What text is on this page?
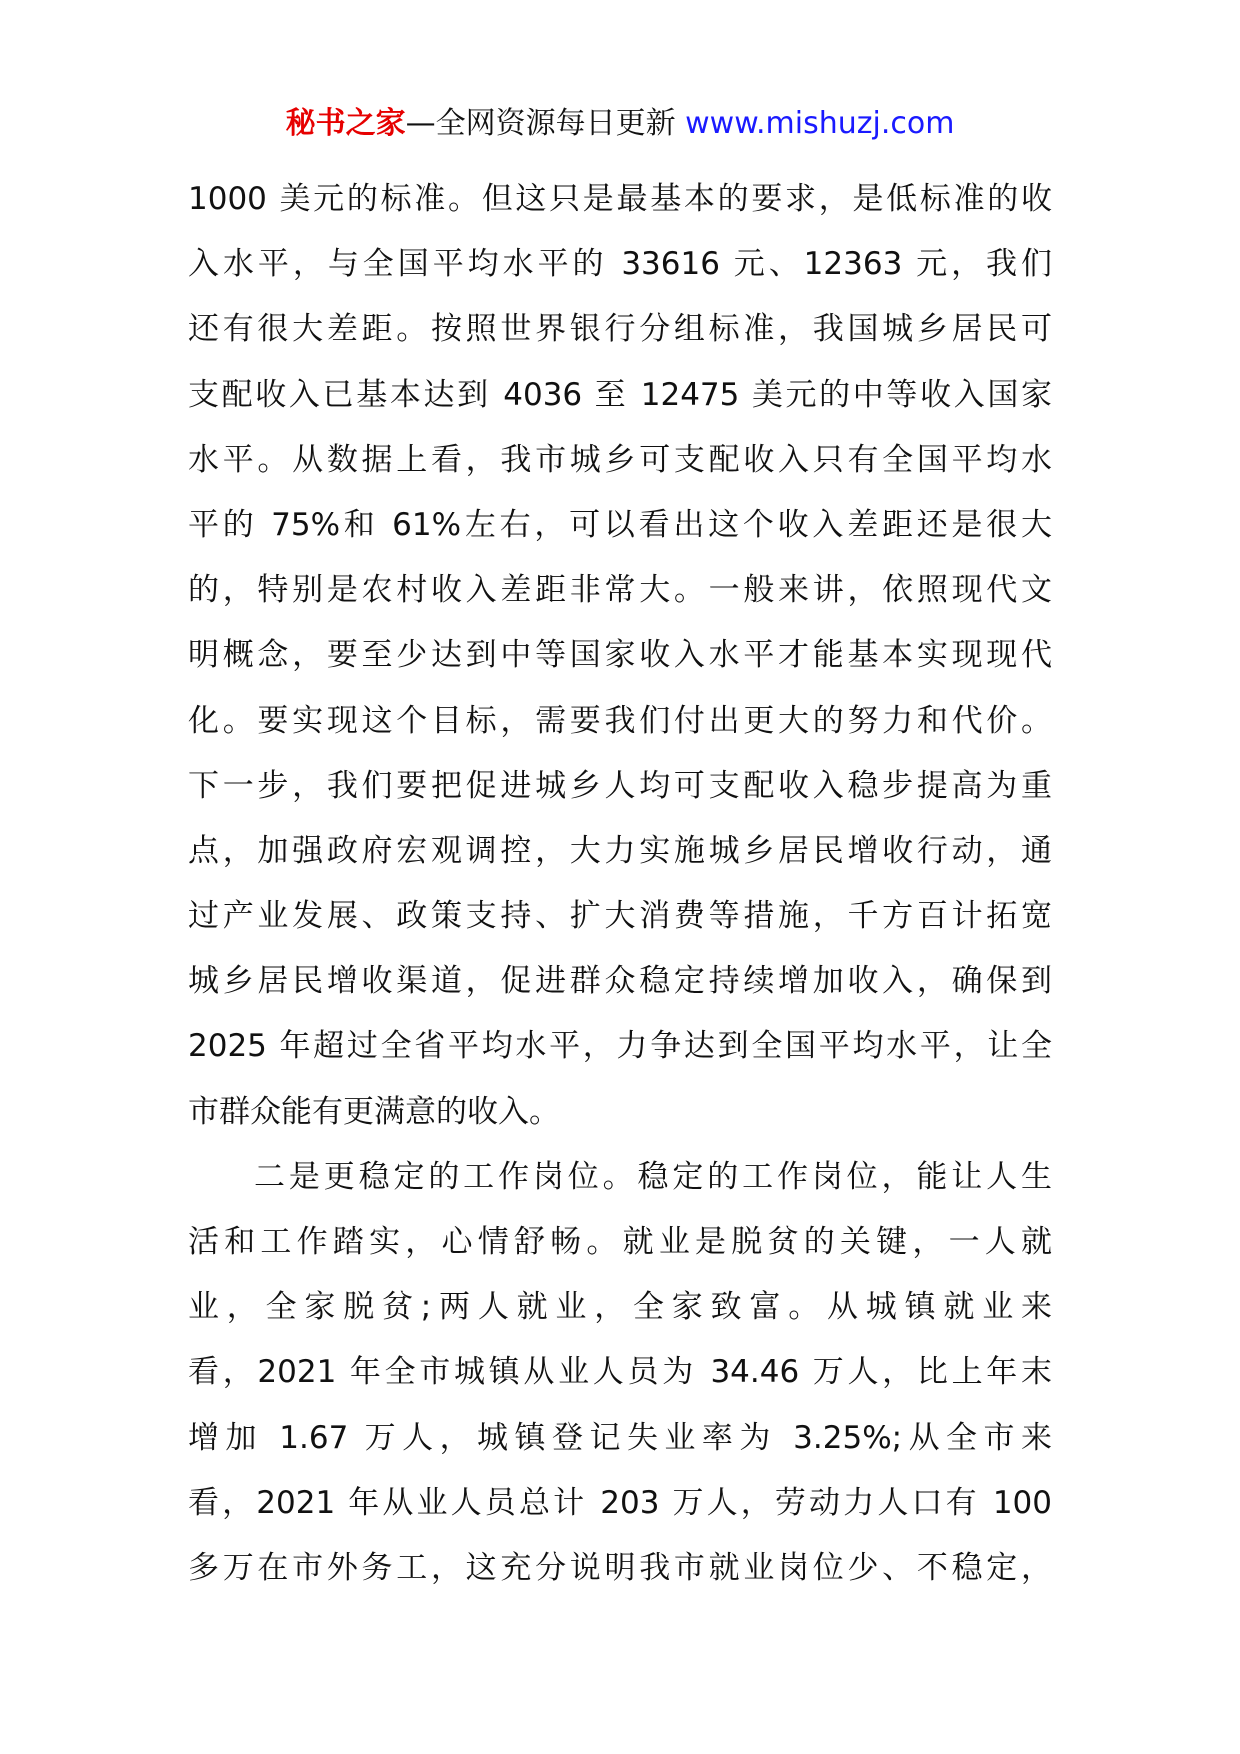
秘书之家—全网资源每日更新 www.mishuzj.com
1000 美元的标准。但这只是最基本的要求，是低标准的收
入水平，与全国平均水平的 33616 元、12363 元，我们
还有很大差距。按照世界银行分组标准，我国城乡居民可
支配收入已基本达到 4036 至 12475 美元的中等收入国家
水平。从数据上看，我市城乡可支配收入只有全国平均水
平的 75%和 61%左右，可以看出这个收入差距还是很大
的，特别是农村收入差距非常大。一般来讲，依照现代文
明概念，要至少达到中等国家收入水平才能基本实现现代
化。要实现这个目标，需要我们付出更大的努力和代价。
下一步，我们要把促进城乡人均可支配收入稳步提高为重
点，加强政府宏观调控，大力实施城乡居民增收行动，通
过产业发展、政策支持、扩大消费等措施，千方百计拓宽
城乡居民增收渠道，促进群众稳定持续增加收入，确保到
2025 年超过全省平均水平，力争达到全国平均水平，让全
市群众能有更满意的收入。
二是更稳定的工作岗位。稳定的工作岗位，能让人生
活和工作踏实，心情舒畅。就业是脱贫的关键，一人就
业，全家脱贫;两人就业，全家致富。从城镇就业来
看，2021 年全市城镇从业人员为 34.46 万人，比上年末
增加 1.67 万人，城镇登记失业率为 3.25%;从全市来
看，2021 年从业人员总计 203 万人，劳动力人口有 100
多万在市外务工，这充分说明我市就业岗位少、不稳定，
